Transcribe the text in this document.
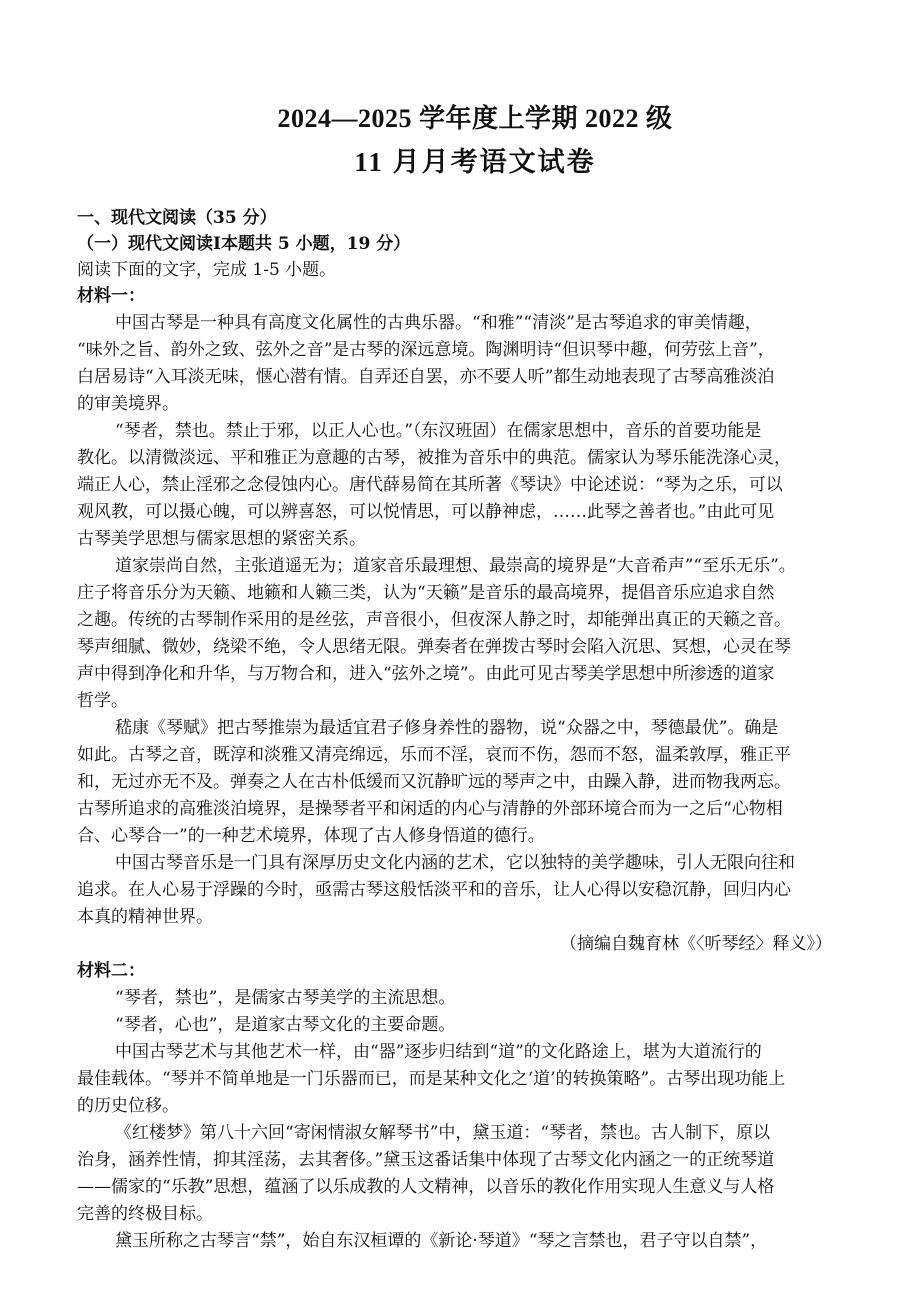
2024—2025 学年度上学期 2022 级
11 月月考语文试卷
一、现代文阅读（35 分）
（一）现代文阅读Ⅰ本题共 5 小题，19 分）
阅读下面的文字，完成 1-5 小题。
材料一：
中国古琴是一种具有高度文化属性的古典乐器。“和雅”“清淡”是古琴追求的审美情趣，
“味外之旨、韵外之致、弦外之音”是古琴的深远意境。陶渊明诗“但识琴中趣，何劳弦上音”，
白居易诗“入耳淡无味，惬心潜有情。自弄还自罢，亦不要人听”都生动地表现了古琴高雅淡泊
的审美境界。
“琴者，禁也。禁止于邪，以正人心也。”（东汉班固）在儒家思想中，音乐的首要功能是
教化。以清微淡远、平和雅正为意趣的古琴，被推为音乐中的典范。儒家认为琴乐能洗涤心灵，
端正人心，禁止淫邪之念侵蚀内心。唐代薛易简在其所著《琴诀》中论述说：“琴为之乐，可以
观风教，可以摄心魄，可以辨喜怒，可以悦情思，可以静神虑，……此琴之善者也。”由此可见
古琴美学思想与儒家思想的紧密关系。
道家崇尚自然，主张逍遥无为；道家音乐最理想、最崇高的境界是“大音希声”“至乐无乐”。
庄子将音乐分为天籁、地籁和人籁三类，认为“天籁”是音乐的最高境界，提倡音乐应追求自然
之趣。传统的古琴制作采用的是丝弦，声音很小，但夜深人静之时，却能弹出真正的天籁之音。
琴声细腻、微妙，绕梁不绝，令人思绪无限。弹奏者在弹拨古琴时会陷入沉思、冥想，心灵在琴
声中得到净化和升华，与万物合和，进入“弦外之境”。由此可见古琴美学思想中所渗透的道家
哲学。
嵇康《琴赋》把古琴推崇为最适宜君子修身养性的器物，说“众器之中，琴德最优”。确是
如此。古琴之音，既淳和淡雅又清亮绵远，乐而不淫，哀而不伤，怨而不怒，温柔敦厚，雅正平
和，无过亦无不及。弹奏之人在古朴低缓而又沉静旷远的琴声之中，由躁入静，进而物我两忘。
古琴所追求的高雅淡泊境界，是操琴者平和闲适的内心与清静的外部环境合而为一之后“心物相
合、心琴合一”的一种艺术境界，体现了古人修身悟道的德行。
中国古琴音乐是一门具有深厚历史文化内涵的艺术，它以独特的美学趣味，引人无限向往和
追求。在人心易于浮躁的今时，亟需古琴这般恬淡平和的音乐，让人心得以安稳沉静，回归内心
本真的精神世界。
（摘编自魏育林《〈听琴经〉释义》）
材料二：
“琴者，禁也”，是儒家古琴美学的主流思想。
“琴者，心也”，是道家古琴文化的主要命题。
中国古琴艺术与其他艺术一样，由“器”逐步归结到“道”的文化路途上，堪为大道流行的
最佳载体。“琴并不简单地是一门乐器而已，而是某种文化之‘道’的转换策略”。古琴出现功能上
的历史位移。
《红楼梦》第八十六回“寄闲情淑女解琴书”中，黛玉道：“琴者，禁也。古人制下，原以
治身，涵养性情，抑其淫荡，去其奢侈。”黛玉这番话集中体现了古琴文化内涵之一的正统琴道
——儒家的“乐教”思想，蕴涵了以乐成教的人文精神，以音乐的教化作用实现人生意义与人格
完善的终极目标。
黛玉所称之古琴言“禁”，始自东汉桓谭的《新论·琴道》“琴之言禁也，君子守以自禁”，
